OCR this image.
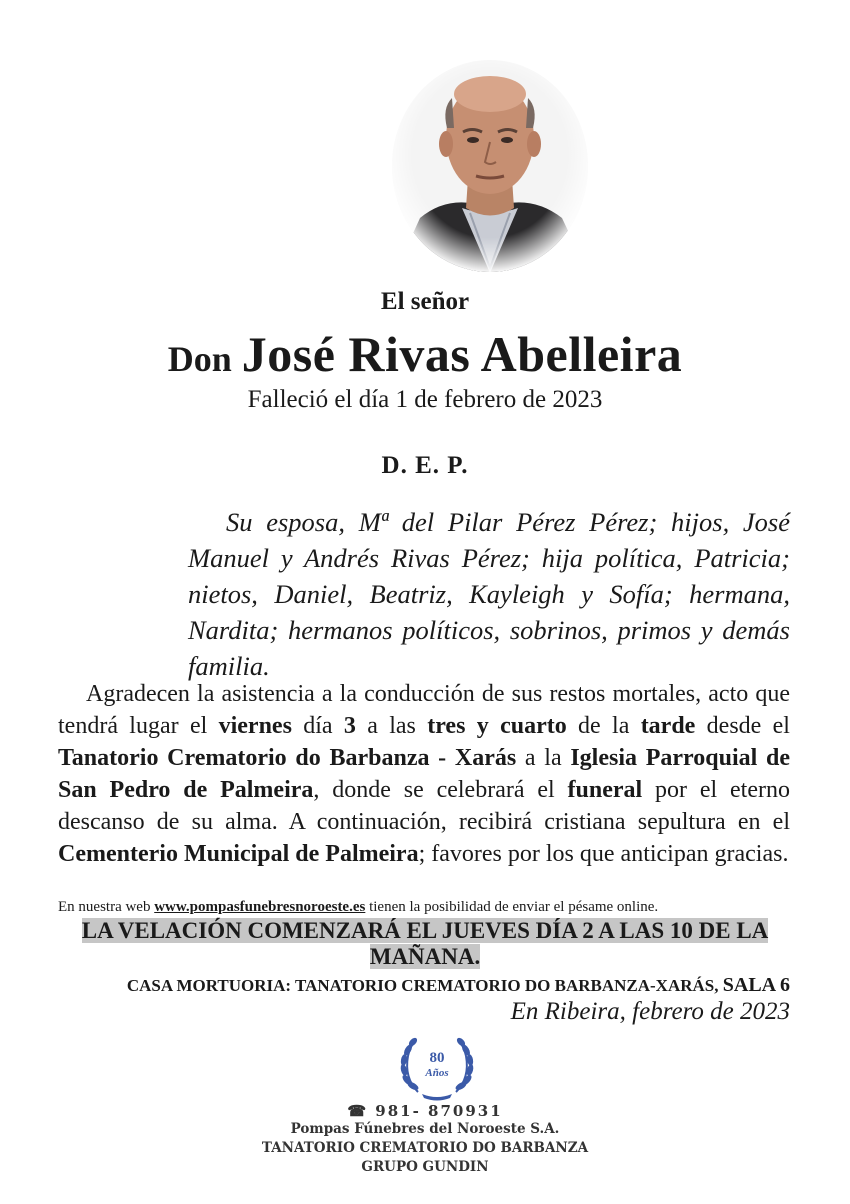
El señor
Don José Rivas Abelleira
Falleció el día 1 de febrero de 2023
D. E. P.
Su esposa, Mª del Pilar Pérez Pérez; hijos, José Manuel y Andrés Rivas Pérez; hija política, Patricia; nietos, Daniel, Beatriz, Kayleigh y Sofía; hermana, Nardita; hermanos políticos, sobrinos, primos y demás familia.
Agradecen la asistencia a la conducción de sus restos mortales, acto que tendrá lugar el viernes día 3 a las tres y cuarto de la tarde desde el Tanatorio Crematorio do Barbanza - Xarás a la Iglesia Parroquial de San Pedro de Palmeira, donde se celebrará el funeral por el eterno descanso de su alma. A continuación, recibirá cristiana sepultura en el Cementerio Municipal de Palmeira; favores por los que anticipan gracias.
En nuestra web www.pompasfunebresnoroeste.es tienen la posibilidad de enviar el pésame online.
LA VELACIÓN COMENZARÁ EL JUEVES DÍA 2 A LAS 10 DE LA MAÑANA.
CASA MORTUORIA: TANATORIO CREMATORIO DO BARBANZA-XARÁS, SALA 6
En Ribeira, febrero de 2023
80
Años
☎ 981- 870931
Pompas Fúnebres del Noroeste S.A.
TANATORIO CREMATORIO DO BARBANZA
GRUPO GUNDIN
